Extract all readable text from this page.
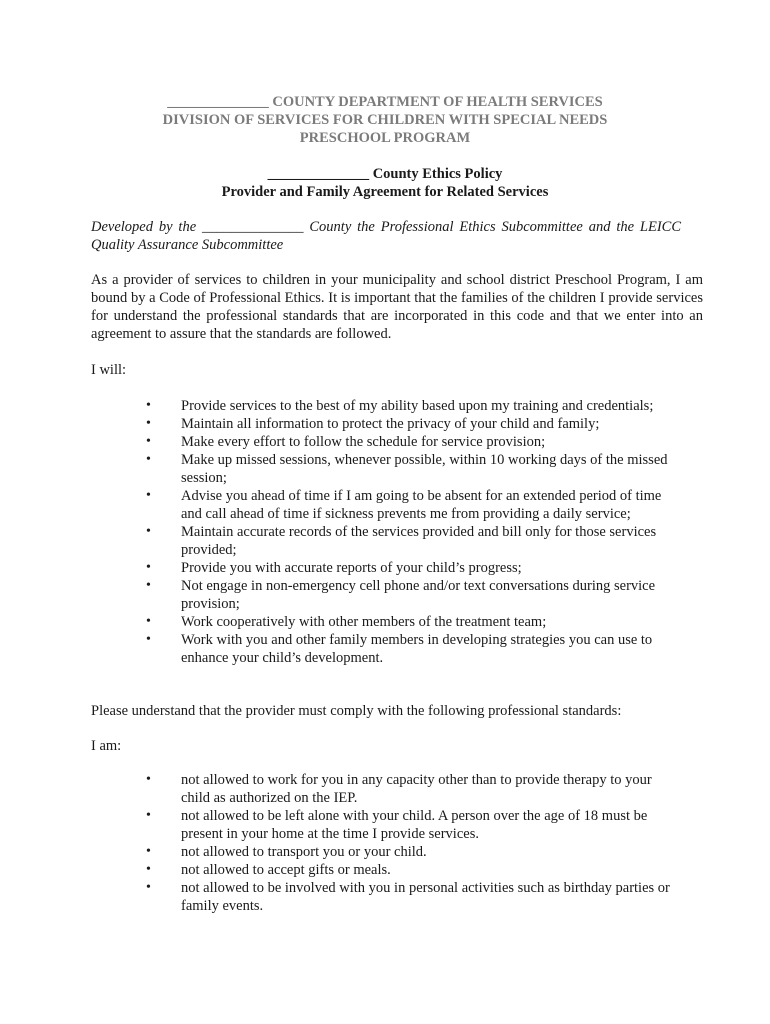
______________ COUNTY DEPARTMENT OF HEALTH SERVICES
DIVISION OF SERVICES FOR CHILDREN WITH SPECIAL NEEDS
PRESCHOOL PROGRAM
______________ County Ethics Policy
Provider and Family Agreement for Related Services
Developed by the ______________ County the Professional Ethics Subcommittee and the LEICC Quality Assurance Subcommittee
As a provider of services to children in your municipality and school district Preschool Program, I am bound by a Code of Professional Ethics. It is important that the families of the children I provide services for understand the professional standards that are incorporated in this code and that we enter into an agreement to assure that the standards are followed.
I will:
• Provide services to the best of my ability based upon my training and credentials;
• Maintain all information to protect the privacy of your child and family;
• Make every effort to follow the schedule for service provision;
• Make up missed sessions, whenever possible, within 10 working days of the missed session;
• Advise you ahead of time if I am going to be absent for an extended period of time and call ahead of time if sickness prevents me from providing a daily service;
• Maintain accurate records of the services provided and bill only for those services provided;
• Provide you with accurate reports of your child’s progress;
• Not engage in non-emergency cell phone and/or text conversations during service provision;
• Work cooperatively with other members of the treatment team;
• Work with you and other family members in developing strategies you can use to enhance your child’s development.
Please understand that the provider must comply with the following professional standards:
I am:
• not allowed to work for you in any capacity other than to provide therapy to your child as authorized on the IEP.
• not allowed to be left alone with your child. A person over the age of 18 must be present in your home at the time I provide services.
• not allowed to transport you or your child.
• not allowed to accept gifts or meals.
• not allowed to be involved with you in personal activities such as birthday parties or family events.
